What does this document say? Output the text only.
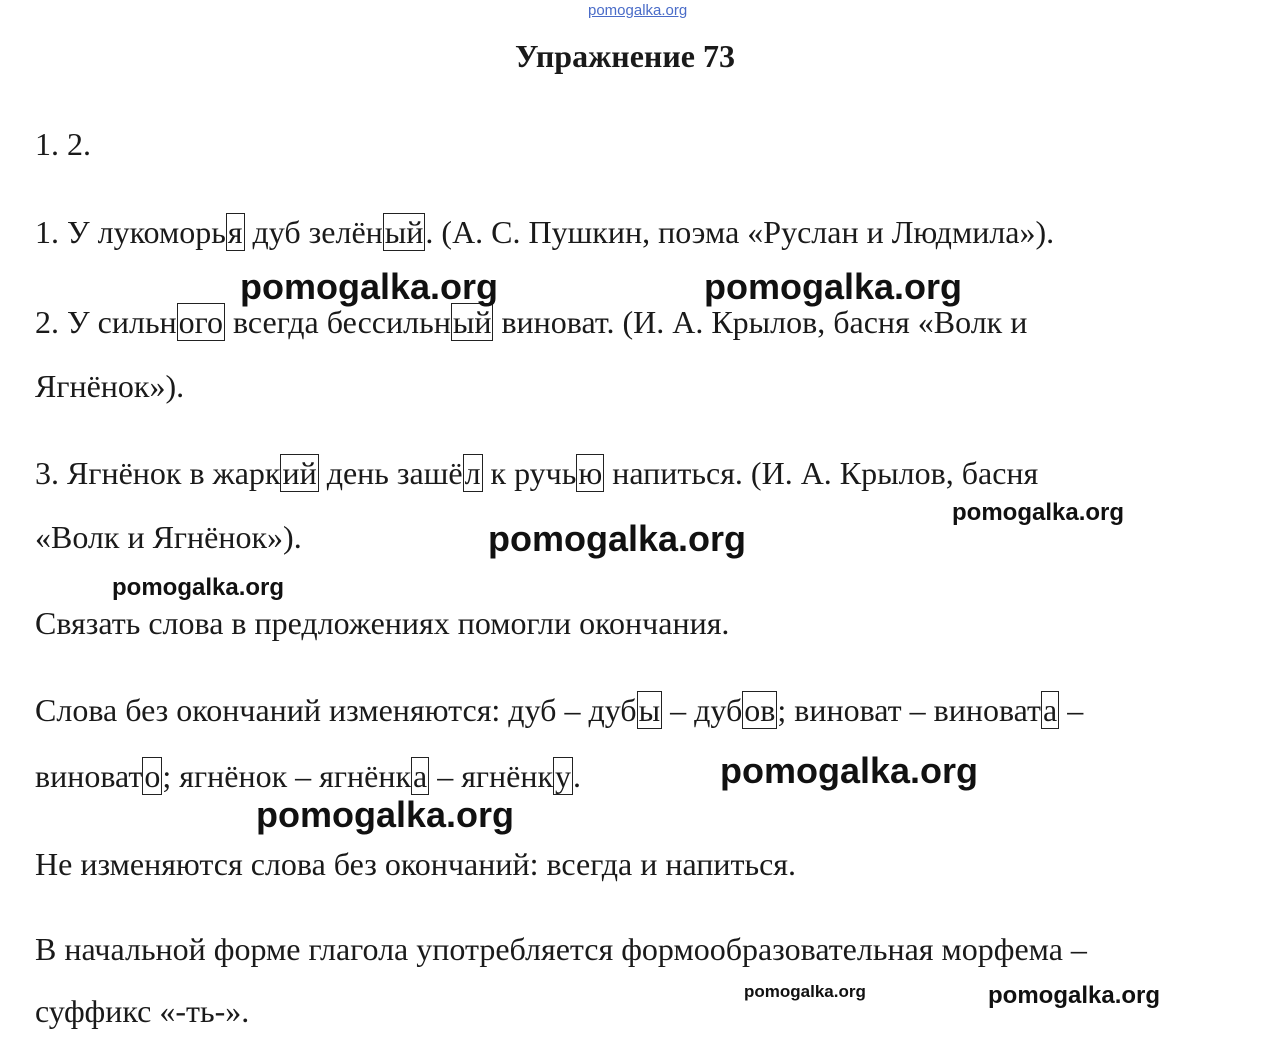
pomogalka.org
Упражнение 73
1. 2.
1. У лукоморья дуб зелёный. (А. С. Пушкин, поэма «Руслан и Людмила»).
2. У сильного всегда бессильный виноват. (И. А. Крылов, басня «Волк и
Ягнёнок»).
3. Ягнёнок в жаркий день зашёл к ручью напиться. (И. А. Крылов, басня
«Волк и Ягнёнок»).
Связать слова в предложениях помогли окончания.
Слова без окончаний изменяются: дуб – дубы – дубов; виноват – виновата –
виновато; ягнёнок – ягнёнка – ягнёнку.
Не изменяются слова без окончаний: всегда и напиться.
В начальной форме глагола употребляется формообразовательная морфема –
суффикс «-ть-».
pomogalka.org	pomogalka.org
pomogalka.org
pomogalka.org
pomogalka.org
pomogalka.org
pomogalka.org
pomogalka.org	pomogalka.org
